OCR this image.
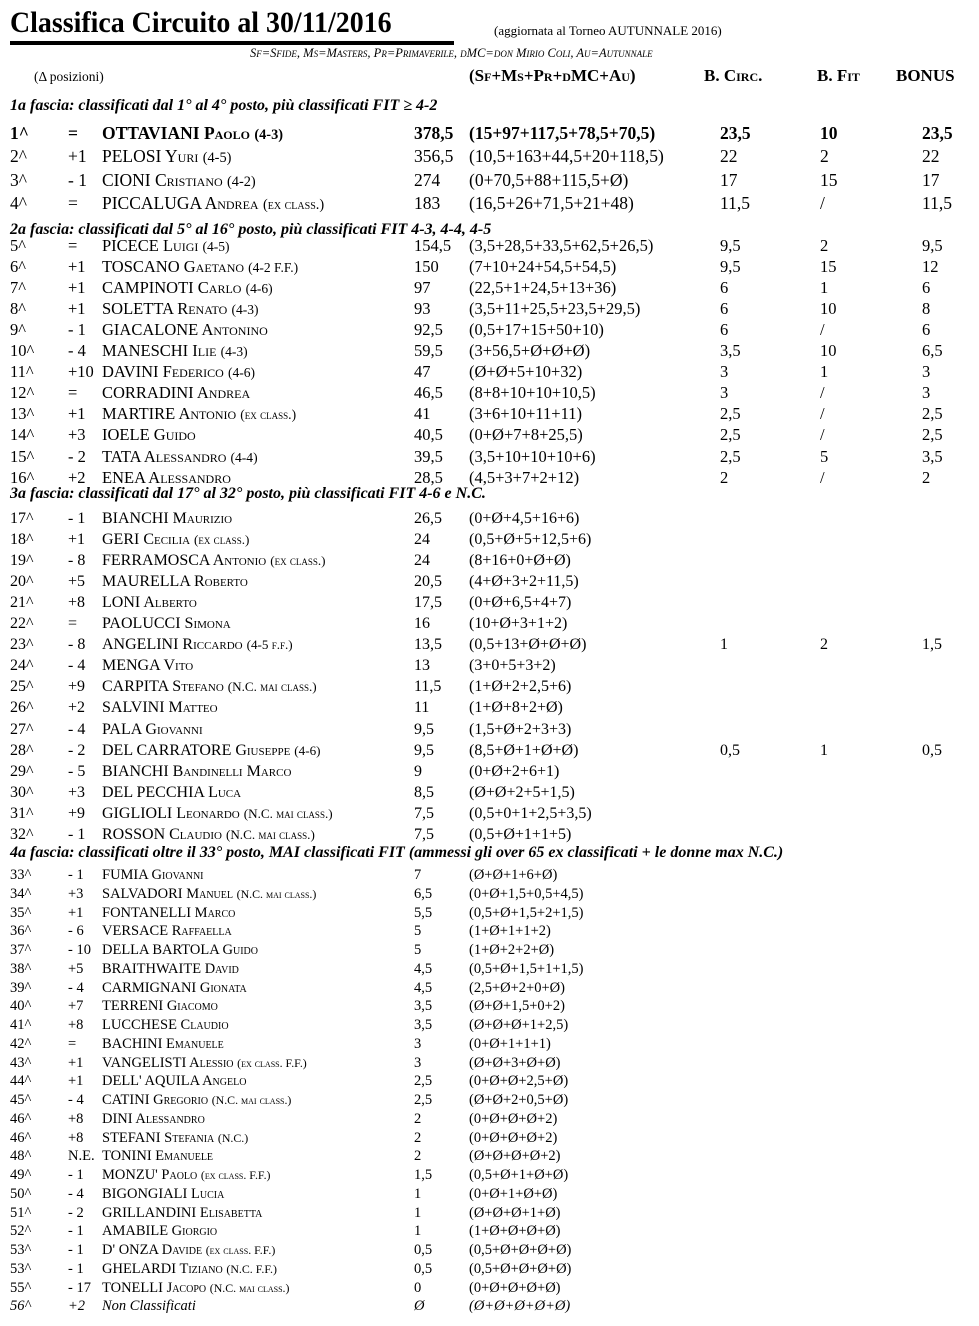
Classifica Circuito al 30/11/2016	(aggiornata al Torneo AUTUNNALE 2016)
Sf=Sfide, Ms=Masters, Pr=Primaverile, dMC=don Mirio Coli, Au=Autunnale
(Δ posizioni)	(Sf+Ms+Pr+dMC+Au)	B. Circ.	B. Fit BONUS
1a fascia: classificati dal 1° al 4° posto, più classificati FIT ≥ 4-2
1^ = OTTAVIANI Paolo (4-3)	378,5 (15+97+117,5+78,5+70,5)	23,5	10	23,5
2^ +1 PELOSI Yuri (4-5)	356,5 (10,5+163+44,5+20+118,5)	22	2	22
3^ - 1 CIONI Cristiano (4-2)	274 (0+70,5+88+115,5+Ø)	17	15	17
4^ = PICCALUGA Andrea (ex class.)	183 (16,5+26+71,5+21+48)	11,5	/	11,5
2a fascia: classificati dal 5° al 16° posto, più classificati FIT 4-3, 4-4, 4-5
5^	= PICECE Luigi (4-5)	154,5 (3,5+28,5+33,5+62,5+26,5)	9,5	2	9,5
6^	+1 TOSCANO Gaetano (4-2 F.F.)	150 (7+10+24+54,5+54,5)	9,5	15	12
7^	+1 CAMPINOTI Carlo (4-6)	97 (22,5+1+24,5+13+36)	6	1	6
8^	+1 SOLETTA Renato (4-3)	93 (3,5+11+25,5+23,5+29,5)	6	10	8
9^	- 1 GIACALONE Antonino	92,5 (0,5+17+15+50+10)	6	/	6
10^ - 4 MANESCHI Ilie (4-3)	59,5 (3+56,5+Ø+Ø+Ø)	3,5	10	6,5
11^ +10 DAVINI Federico (4-6)	47 (Ø+Ø+5+10+32)	3	1	3
12^ = CORRADINI Andrea	46,5 (8+8+10+10+10,5)	3	/	3
13^ +1 MARTIRE Antonio (ex class.)	41 (3+6+10+11+11)	2,5	/	2,5
14^ +3 IOELE Guido	40,5 (0+Ø+7+8+25,5)	2,5	/	2,5
15^ - 2 TATA Alessandro (4-4)	39,5 (3,5+10+10+10+6)	2,5	5	3,5
16^ +2 ENEA Alessandro	28,5 (4,5+3+7+2+12)	2	/	2
3a fascia: classificati dal 17° al 32° posto, più classificati FIT 4-6 e N.C.
17^ - 1 BIANCHI Maurizio	26,5 (0+Ø+4,5+16+6)
18^ +1 GERI Cecilia (ex class.)	24 (0,5+Ø+5+12,5+6)
19^ - 8 FERRAMOSCA Antonio (ex class.)	24 (8+16+0+Ø+Ø)
20^ +5 MAURELLA Roberto	20,5 (4+Ø+3+2+11,5)
21^ +8 LONI Alberto	17,5 (0+Ø+6,5+4+7)
22^ = PAOLUCCI Simona	16 (10+Ø+3+1+2)
23^ - 8 ANGELINI Riccardo (4-5 f.f.)	13,5 (0,5+13+Ø+Ø+Ø)	1	2	1,5
24^ - 4 MENGA Vito	13 (3+0+5+3+2)
25^ +9 CARPITA Stefano (N.C. mai class.)	11,5 (1+Ø+2+2,5+6)
26^ +2 SALVINI Matteo	11 (1+Ø+8+2+Ø)
27^ - 4 PALA Giovanni	9,5 (1,5+Ø+2+3+3)
28^ - 2 DEL CARRATORE Giuseppe (4-6)	9,5 (8,5+Ø+1+Ø+Ø)	0,5	1	0,5
29^ - 5 BIANCHI Bandinelli Marco	9	(0+Ø+2+6+1)
30^ +3 DEL PECCHIA Luca	8,5 (Ø+Ø+2+5+1,5)
31^ +9 GIGLIOLI Leonardo (N.C. mai class.)	7,5 (0,5+0+1+2,5+3,5)
32^ - 1 ROSSON Claudio (N.C. mai class.)	7,5 (0,5+Ø+1+1+5)
4a fascia: classificati oltre il 33° posto, MAI classificati FIT (ammessi gli over 65 ex classificati + le donne max N.C.)
33^	- 1 FUMIA Giovanni	7	(Ø+Ø+1+6+Ø)
34^	+3 SALVADORI Manuel (N.C. mai class.)	6,5	(0+Ø+1,5+0,5+4,5)
35^	+1 FONTANELLI Marco	5,5	(0,5+Ø+1,5+2+1,5)
36^	- 6 VERSACE Raffaella	5	(1+Ø+1+1+2)
37^	- 10 DELLA BARTOLA Guido	5	(1+Ø+2+2+Ø)
38^	+5 BRAITHWAITE David	4,5	(0,5+Ø+1,5+1+1,5)
39^	- 4 CARMIGNANI Gionata	4,5	(2,5+Ø+2+0+Ø)
40^	+7 TERRENI Giacomo	3,5	(Ø+Ø+1,5+0+2)
41^	+8 LUCCHESE Claudio	3,5	(Ø+Ø+Ø+1+2,5)
42^	= BACHINI Emanuele	3	(0+Ø+1+1+1)
43^	+1 VANGELISTI Alessio (ex class. F.F.)	3	(Ø+Ø+3+Ø+Ø)
44^	+1 DELL' AQUILA Angelo	2,5	(0+Ø+Ø+2,5+Ø)
45^	- 4 CATINI Gregorio (N.C. mai class.)	2,5	(Ø+Ø+2+0,5+Ø)
46^	+8 DINI Alessandro	2	(0+Ø+Ø+Ø+2)
46^	+8 STEFANI Stefania (N.C.)	2	(0+Ø+Ø+Ø+2)
48^	N.E. TONINI Emanuele	2	(Ø+Ø+Ø+Ø+2)
49^	- 1 MONZU' Paolo (ex class. F.F.)	1,5	(0,5+Ø+1+Ø+Ø)
50^	- 4 BIGONGIALI Lucia	1	(0+Ø+1+Ø+Ø)
51^	- 2 GRILLANDINI Elisabetta	1	(Ø+Ø+Ø+1+Ø)
52^	- 1 AMABILE Giorgio	1	(1+Ø+Ø+Ø+Ø)
53^	- 1 D' ONZA Davide (ex class. F.F.)	0,5	(0,5+Ø+Ø+Ø+Ø)
53^	- 1 GHELARDI Tiziano (N.C. F.F.)	0,5	(0,5+Ø+Ø+Ø+Ø)
55^	- 17 TONELLI Jacopo (N.C. mai class.)	0	(0+Ø+Ø+Ø+Ø)
56^	+2 Non Classificati	Ø	(Ø+Ø+Ø+Ø+Ø)
